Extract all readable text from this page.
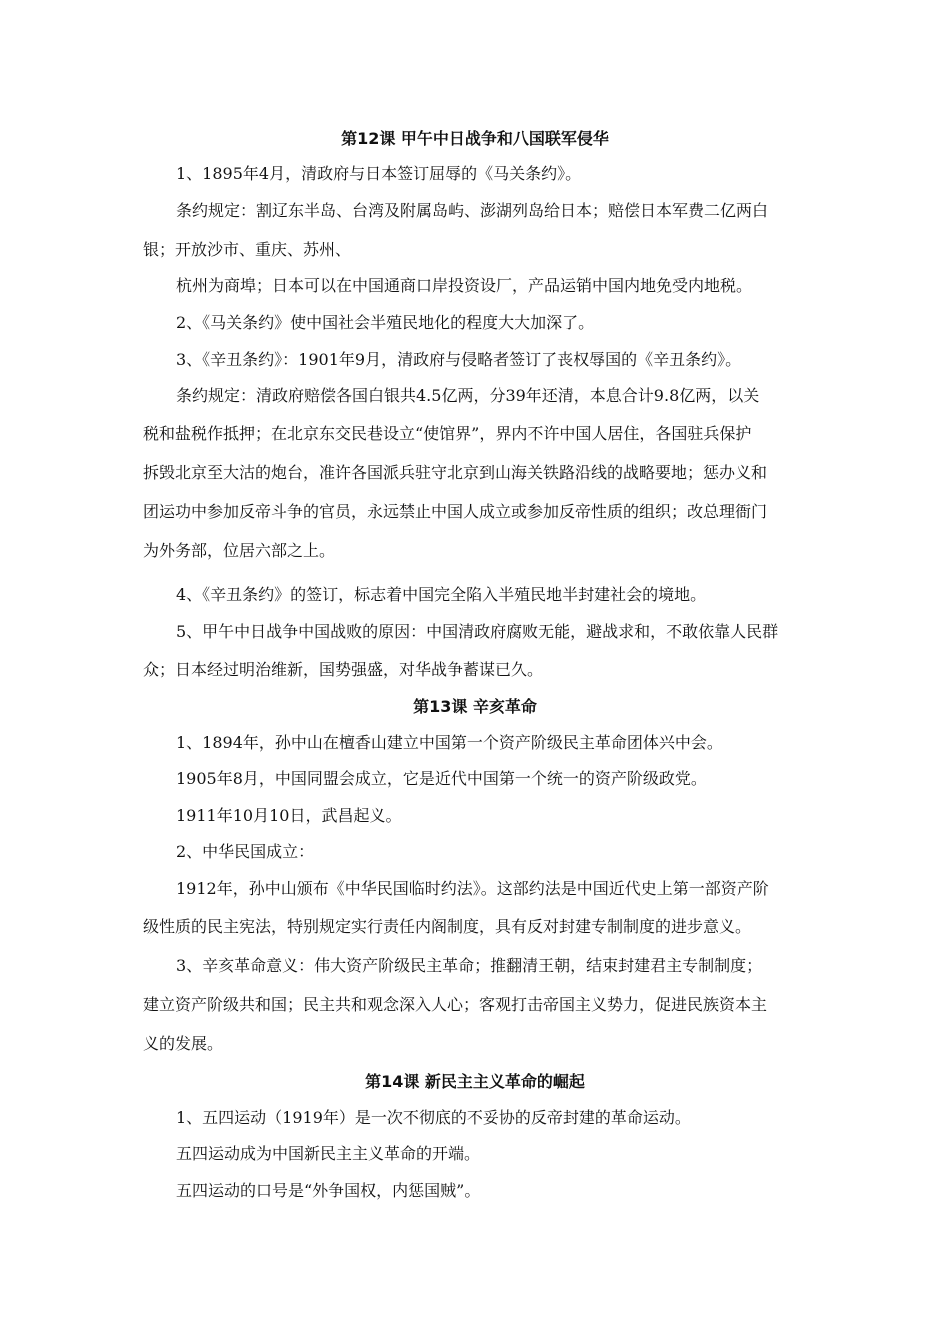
第12课 甲午中日战争和八国联军侵华
1、1895年4月，清政府与日本签订屈辱的《马关条约》。
条约规定：割辽东半岛、台湾及附属岛屿、澎湖列岛给日本；赔偿日本军费二亿两白
银；开放沙市、重庆、苏州、
杭州为商埠；日本可以在中国通商口岸投资设厂，产品运销中国内地免受内地税。
2、《马关条约》使中国社会半殖民地化的程度大大加深了。
3、《辛丑条约》：1901年9月，清政府与侵略者签订了丧权辱国的《辛丑条约》。
条约规定：清政府赔偿各国白银共4.5亿两，分39年还清，本息合计9.8亿两，以关
税和盐税作抵押；在北京东交民巷设立“使馆界”，界内不许中国人居住，各国驻兵保护
拆毁北京至大沽的炮台，准许各国派兵驻守北京到山海关铁路沿线的战略要地；惩办义和
团运功中参加反帝斗争的官员，永远禁止中国人成立或参加反帝性质的组织；改总理衙门
为外务部，位居六部之上。
4、《辛丑条约》的签订，标志着中国完全陷入半殖民地半封建社会的境地。
5、甲午中日战争中国战败的原因：中国清政府腐败无能，避战求和，不敢依靠人民群
众；日本经过明治维新，国势强盛，对华战争蓄谋已久。
第13课 辛亥革命
1、1894年，孙中山在檀香山建立中国第一个资产阶级民主革命团体兴中会。
1905年8月，中国同盟会成立，它是近代中国第一个统一的资产阶级政党。
1911年10月10日，武昌起义。
2、中华民国成立：
1912年，孙中山颁布《中华民国临时约法》。这部约法是中国近代史上第一部资产阶
级性质的民主宪法，特别规定实行责任内阁制度，具有反对封建专制制度的进步意义。
3、辛亥革命意义：伟大资产阶级民主革命；推翻清王朝，结束封建君主专制制度；
建立资产阶级共和国；民主共和观念深入人心；客观打击帝国主义势力，促进民族资本主
义的发展。
第14课 新民主主义革命的崛起
1、五四运动（1919年）是一次不彻底的不妥协的反帝封建的革命运动。
五四运动成为中国新民主主义革命的开端。
五四运动的口号是“外争国权，内惩国贼”。
